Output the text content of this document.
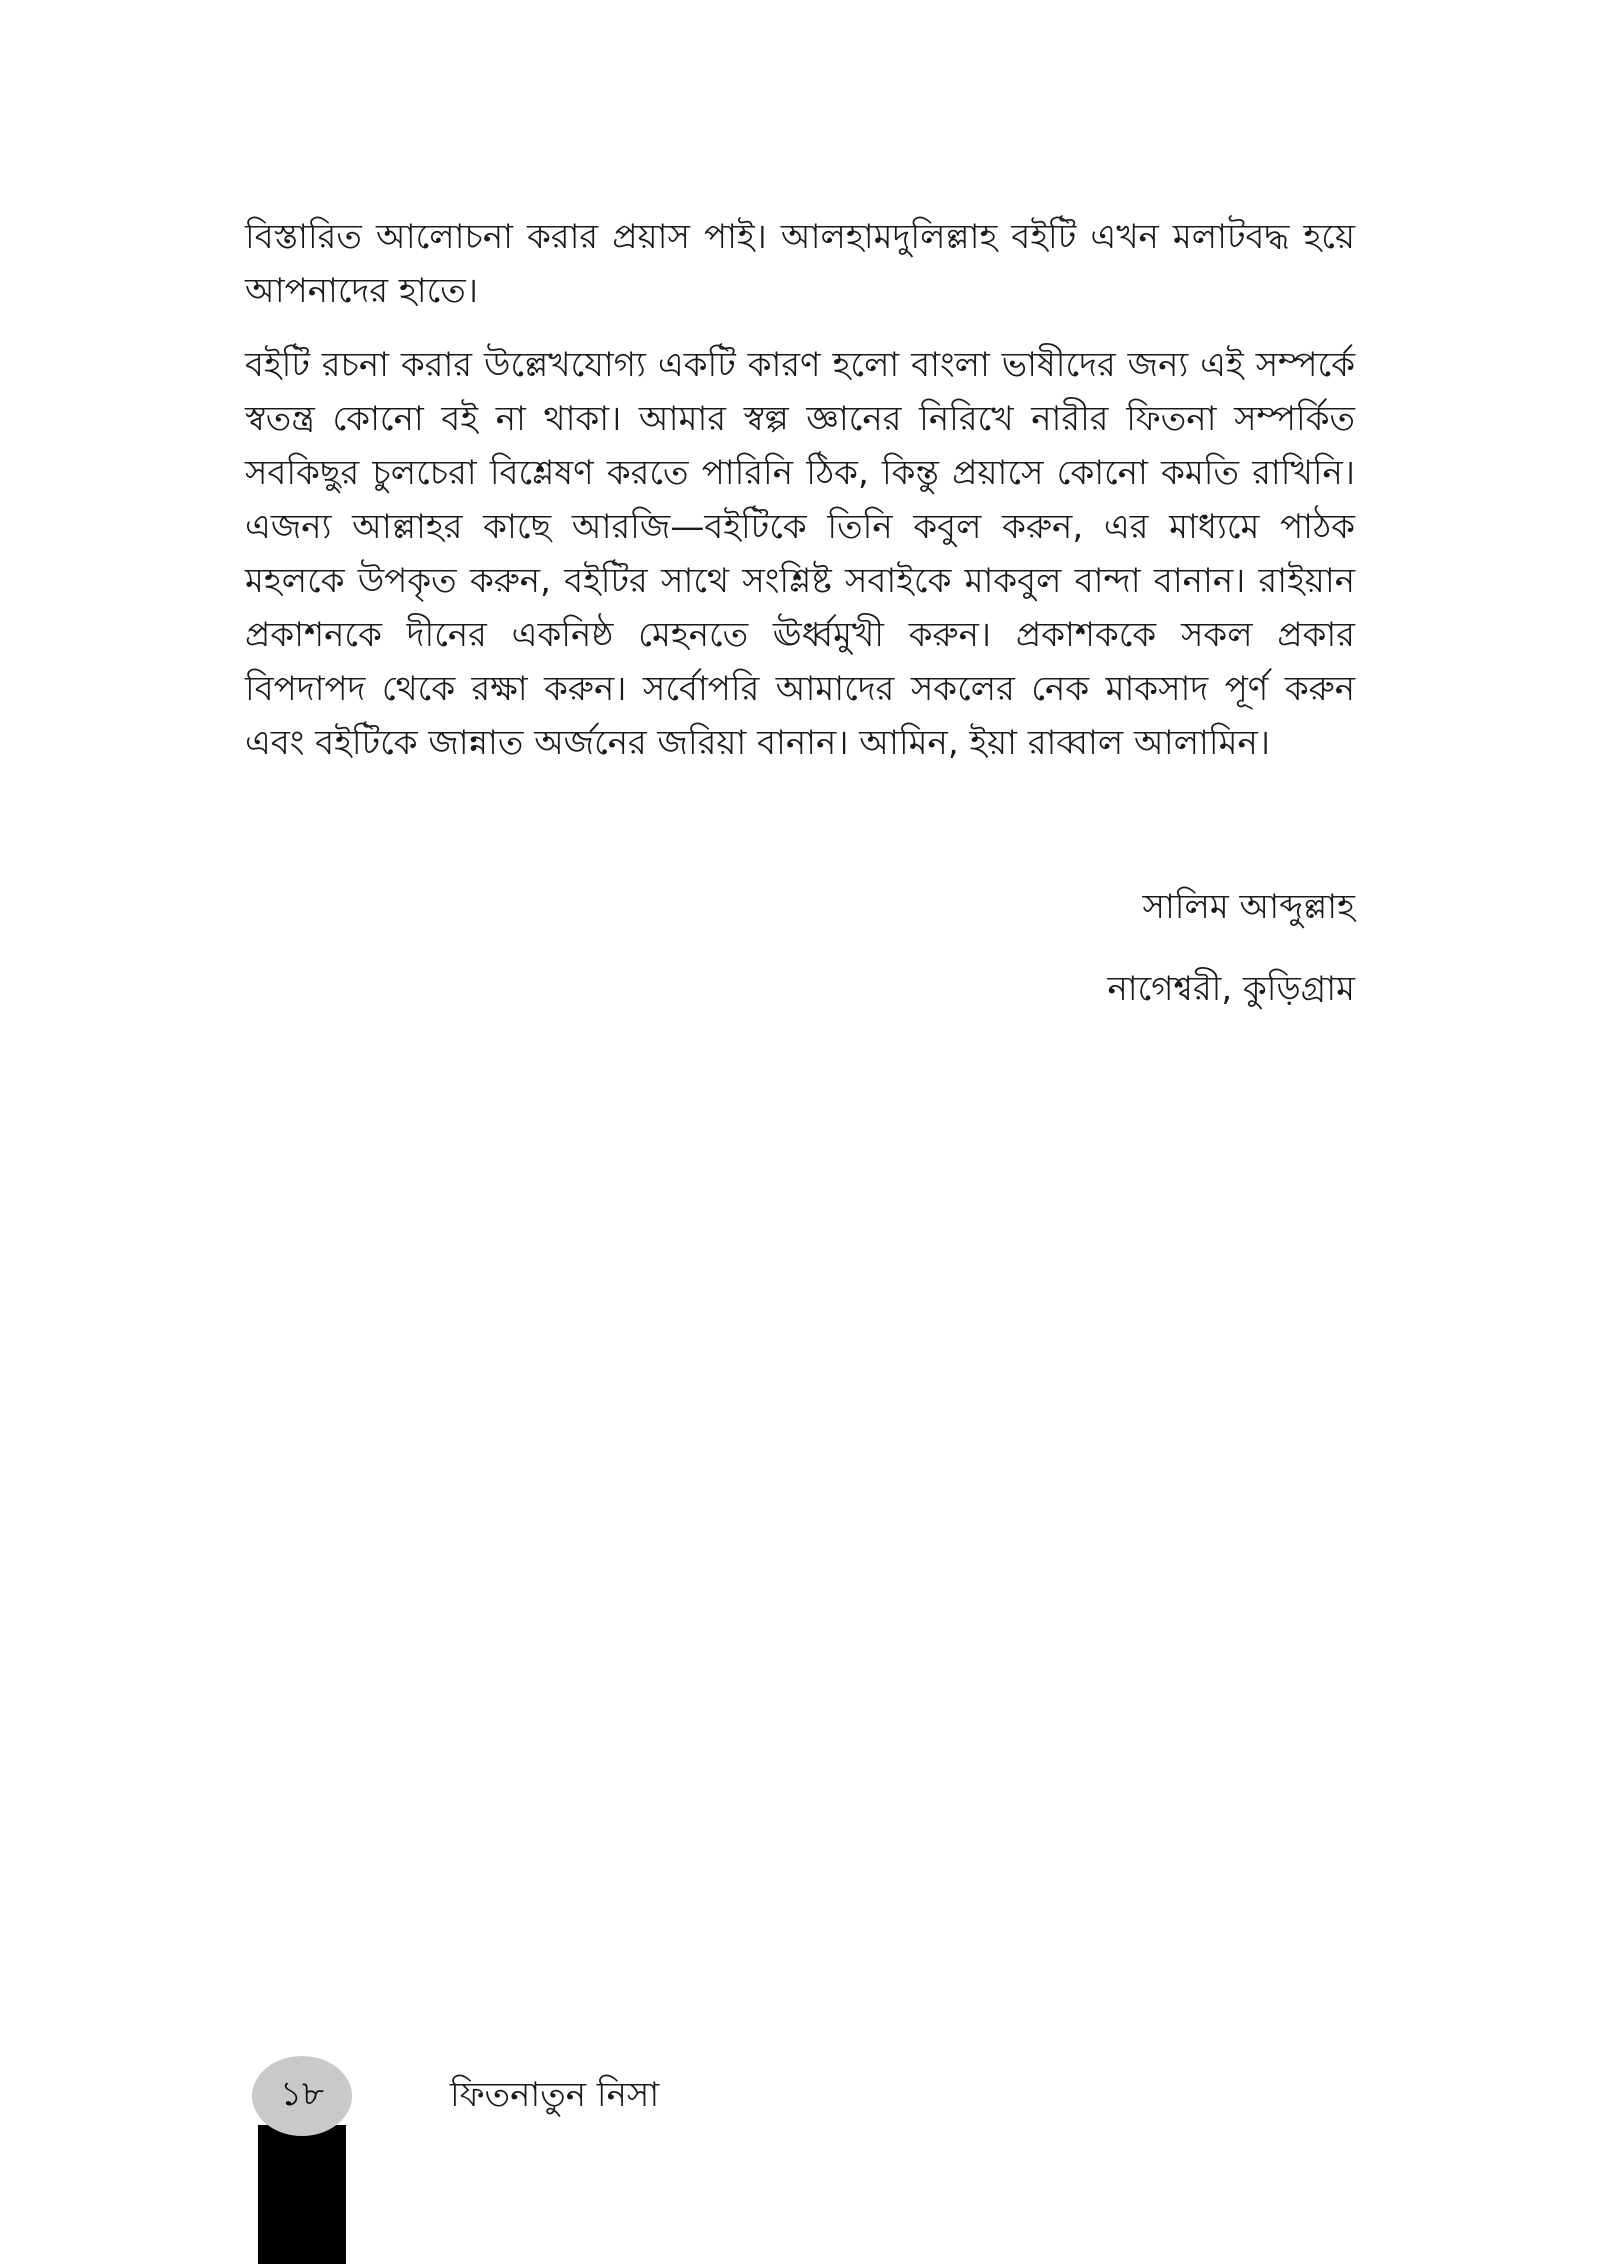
বিস্তারিত আলোচনা করার প্রয়াস পাই। আলহামদুলিল্লাহ বইটি এখন মলাটবদ্ধ হয়ে আপনাদের হাতে।

বইটি রচনা করার উল্লেখযোগ্য একটি কারণ হলো বাংলা ভাষীদের জন্য এই সম্পর্কে স্বতন্ত্র কোনো বই না থাকা। আমার স্বল্প জ্ঞানের নিরিখে নারীর ফিতনা সম্পর্কিত সবকিছুর চুলচেরা বিশ্লেষণ করতে পারিনি ঠিক, কিন্তু প্রয়াসে কোনো কমতি রাখিনি। এজন্য আল্লাহর কাছে আরজি—বইটিকে তিনি কবুল করুন, এর মাধ্যমে পাঠক মহলকে উপকৃত করুন, বইটির সাথে সংশ্লিষ্ট সবাইকে মাকবুল বান্দা বানান। রাইয়ান প্রকাশনকে দীনের একনিষ্ঠ মেহনতে ঊর্ধ্বমুখী করুন। প্রকাশককে সকল প্রকার বিপদাপদ থেকে রক্ষা করুন। সর্বোপরি আমাদের সকলের নেক মাকসাদ পূর্ণ করুন এবং বইটিকে জান্নাত অর্জনের জরিয়া বানান। আমিন, ইয়া রাব্বাল আলামিন।

সালিম আব্দুল্লাহ
নাগেশ্বরী, কুড়িগ্রাম
১৮	ফিতনাতুন নিসা
